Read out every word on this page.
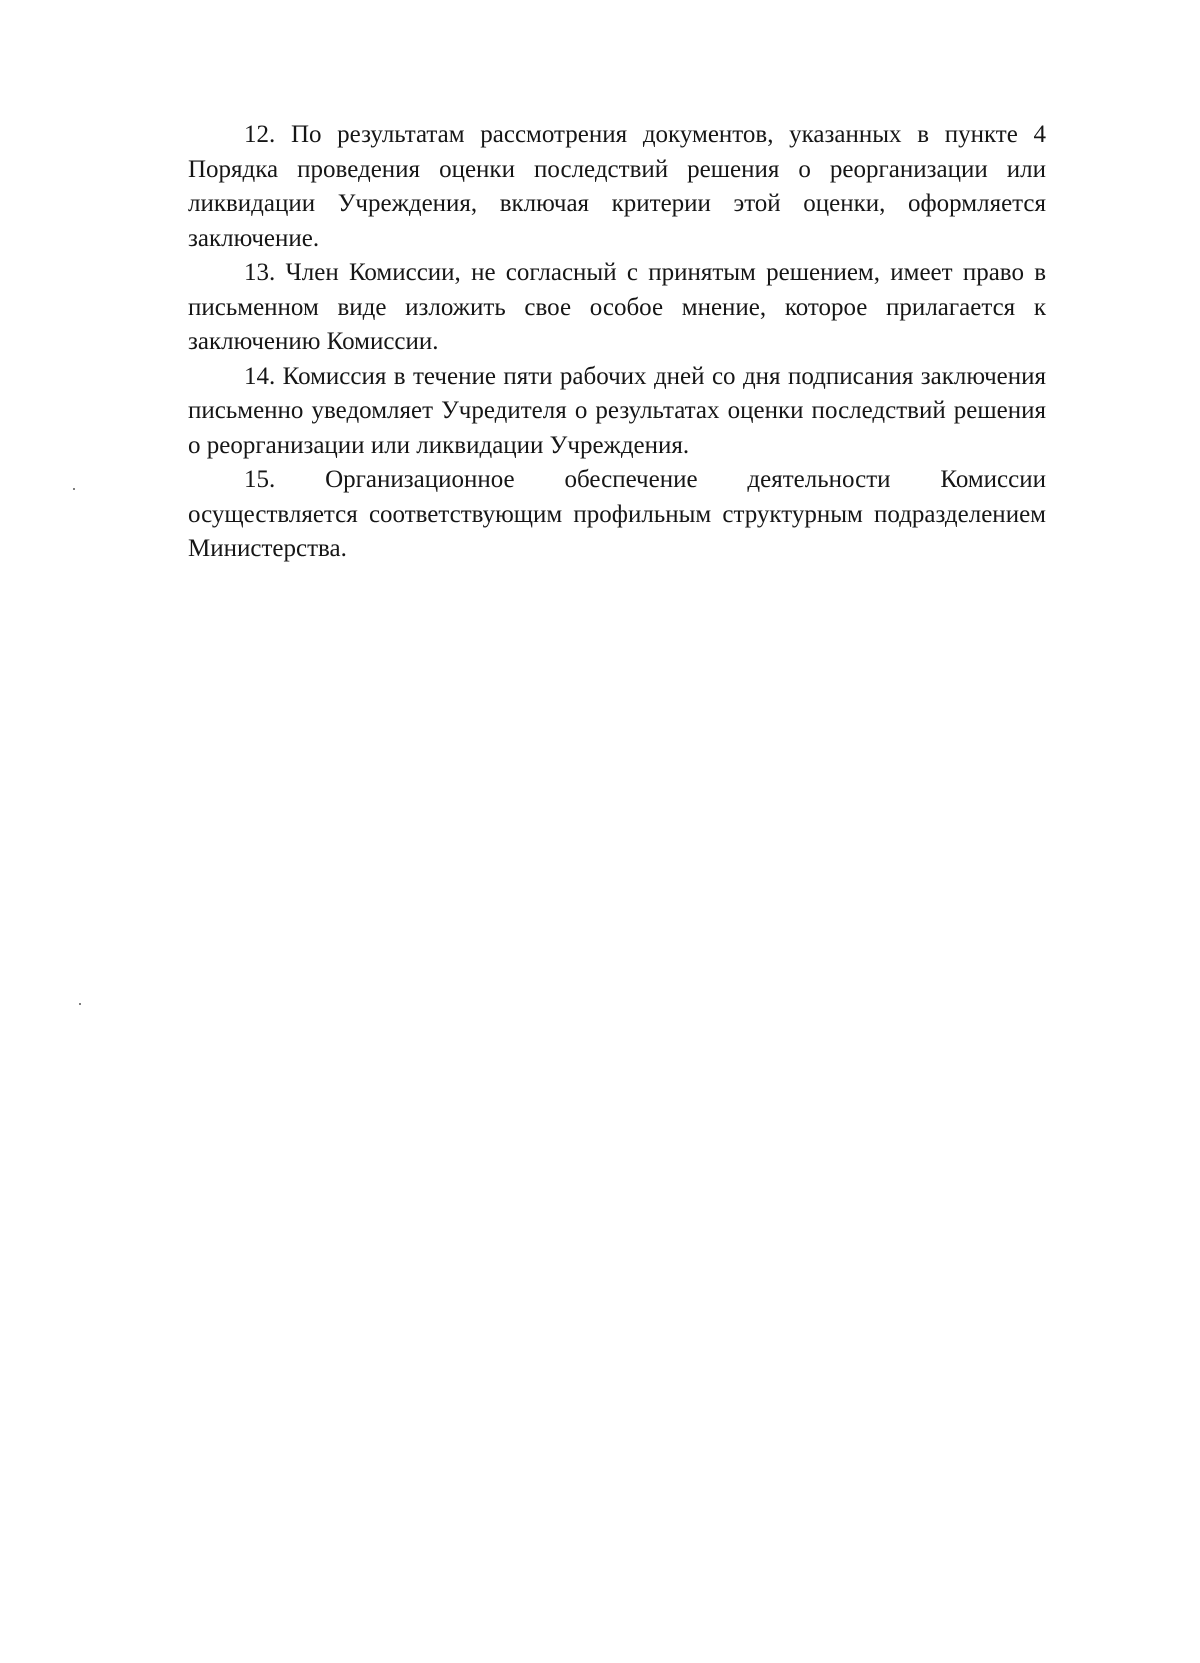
12. По результатам рассмотрения документов, указанных в пункте 4 Порядка проведения оценки последствий решения о реорганизации или ликвидации Учреждения, включая критерии этой оценки, оформляется заключение.

13. Член Комиссии, не согласный с принятым решением, имеет право в письменном виде изложить свое особое мнение, которое прилагается к заключению Комиссии.

14. Комиссия в течение пяти рабочих дней со дня подписания заключения письменно уведомляет Учредителя о результатах оценки последствий решения о реорганизации или ликвидации Учреждения.

15. Организационное обеспечение деятельности Комиссии осуществляется соответствующим профильным структурным подразделением Министерства.
